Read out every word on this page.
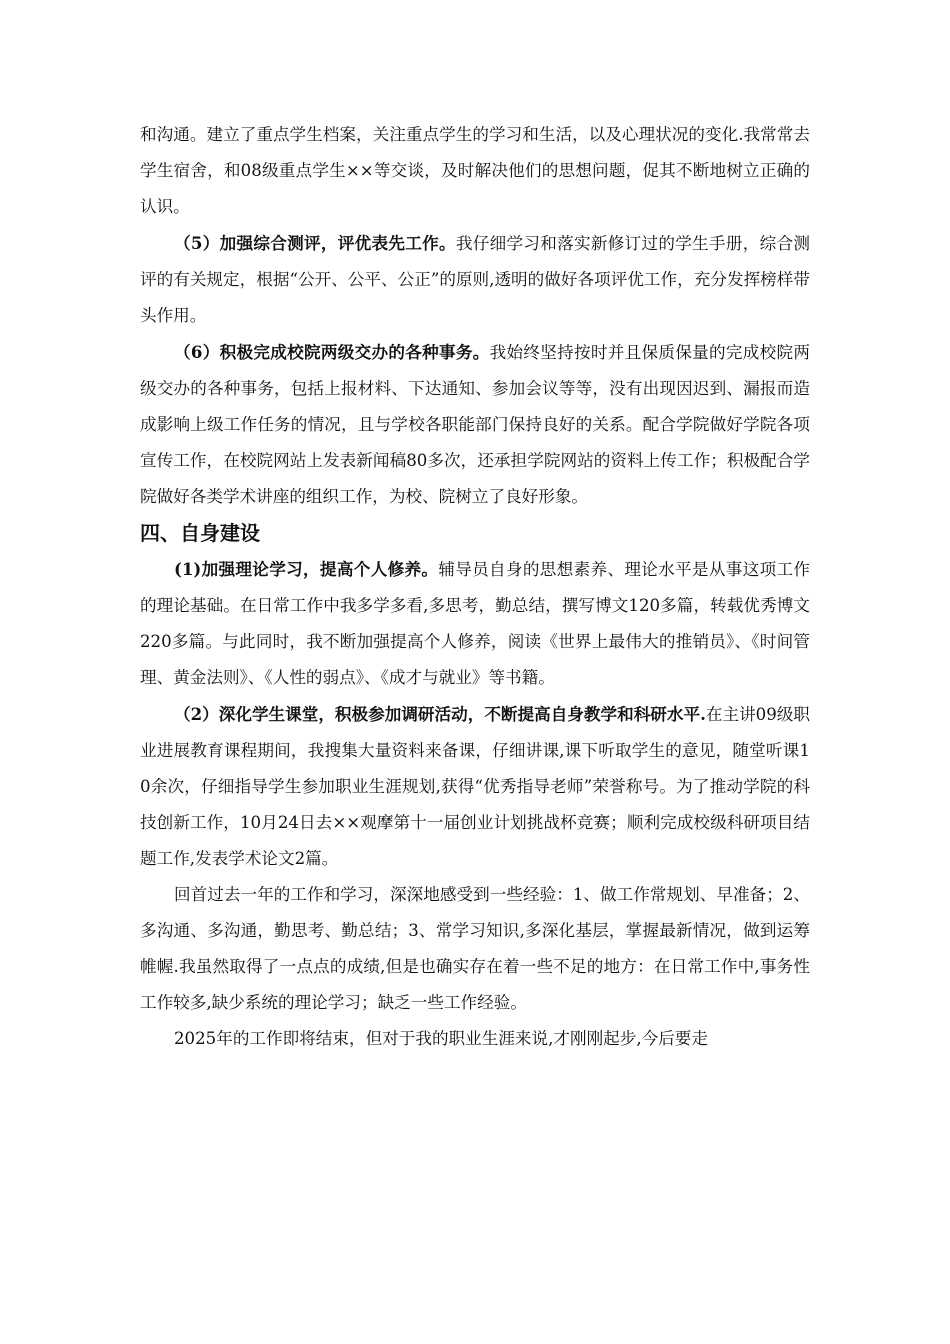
和沟通。建立了重点学生档案，关注重点学生的学习和生活，以及心理状况的变化.我常常去学生宿舍，和08级重点学生××等交谈，及时解决他们的思想问题，促其不断地树立正确的认识。

（5）加强综合测评，评优表先工作。我仔细学习和落实新修订过的学生手册，综合测评的有关规定，根据“公开、公平、公正”的原则,透明的做好各项评优工作，充分发挥榜样带头作用。

（6）积极完成校院两级交办的各种事务。我始终坚持按时并且保质保量的完成校院两级交办的各种事务，包括上报材料、下达通知、参加会议等等，没有出现因迟到、漏报而造成影响上级工作任务的情况，且与学校各职能部门保持良好的关系。配合学院做好学院各项宣传工作，在校院网站上发表新闻稿80多次，还承担学院网站的资料上传工作；积极配合学院做好各类学术讲座的组织工作，为校、院树立了良好形象。

四、自身建设

(1)加强理论学习，提高个人修养。辅导员自身的思想素养、理论水平是从事这项工作的理论基础。在日常工作中我多学多看,多思考，勤总结，撰写博文120多篇，转载优秀博文220多篇。与此同时，我不断加强提高个人修养，阅读《世界上最伟大的推销员》、《时间管理、黄金法则》、《人性的弱点》、《成才与就业》等书籍。

（2）深化学生课堂，积极参加调研活动，不断提高自身教学和科研水平.在主讲09级职业进展教育课程期间，我搜集大量资料来备课，仔细讲课,课下听取学生的意见，随堂听课10余次，仔细指导学生参加职业生涯规划,获得“优秀指导老师”荣誉称号。为了推动学院的科技创新工作，10月24日去××观摩第十一届创业计划挑战杯竞赛；顺利完成校级科研项目结题工作,发表学术论文2篇。

回首过去一年的工作和学习，深深地感受到一些经验：1、做工作常规划、早准备；2、多沟通、多沟通，勤思考、勤总结；3、常学习知识,多深化基层，掌握最新情况，做到运筹帷幄.我虽然取得了一点点的成绩,但是也确实存在着一些不足的地方：在日常工作中,事务性工作较多,缺少系统的理论学习；缺乏一些工作经验。

2025年的工作即将结束，但对于我的职业生涯来说,才刚刚起步,今后要走
